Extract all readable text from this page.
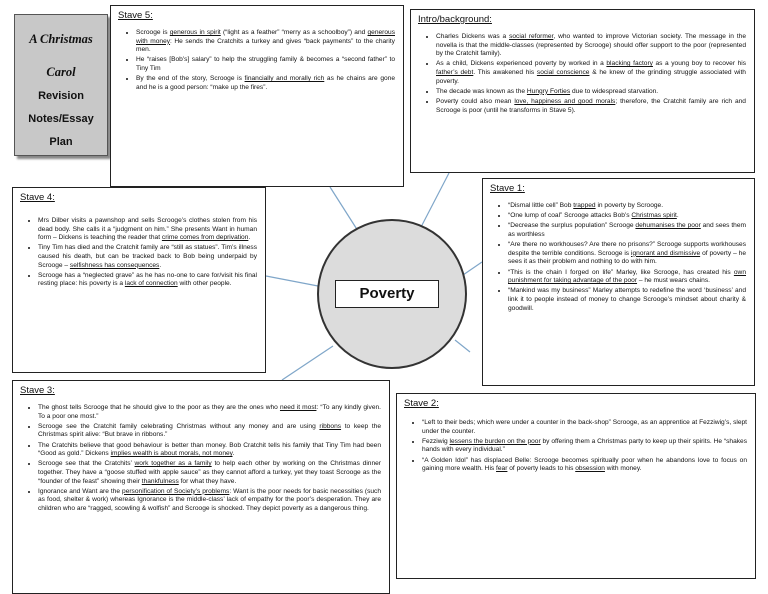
A Christmas
Carol
Revision
Notes/Essay
Plan
Stave 5:
• Scrooge is generous in spirit (“light as a feather” “merry as a schoolboy”) and generous with money: He sends the Cratchits a turkey and gives “back payments” to the charity men.
• He “raises [Bob’s] salary” to help the struggling family & becomes a “second father” to Tiny Tim
• By the end of the story, Scrooge is financially and morally rich as he chains are gone and he is a good person: “make up the fires”.
Intro/background:
• Charles Dickens was a social reformer, who wanted to improve Victorian society. The message in the novella is that the middle-classes (represented by Scrooge) should offer support to the poor (represented by the Cratchit family).
• As a child, Dickens experienced poverty by worked in a blacking factory as a young boy to recover his father’s debt. This awakened his social conscience & he knew of the grinding struggle associated with poverty.
• The decade was known as the Hungry Forties due to widespread starvation.
• Poverty could also mean love, happiness and good morals; therefore, the Cratchit family are rich and Scrooge is poor (until he transforms in Stave 5).
Stave 4:
• Mrs Dilber visits a pawnshop and sells Scrooge’s clothes stolen from his dead body. She calls it a “judgment on him.” She presents Want in human form – Dickens is teaching the reader that crime comes from deprivation.
• Tiny Tim has died and the Cratchit family are “still as statues”. Tim’s illness caused his death, but can be tracked back to Bob being underpaid by Scrooge – selfishness has consequences.
• Scrooge has a “neglected grave” as he has no-one to care for/visit his final resting place: his poverty is a lack of connection with other people.
Stave 1:
• “Dismal little cell” Bob trapped in poverty by Scrooge.
• “One lump of coal” Scrooge attacks Bob’s Christmas spirit.
• “Decrease the surplus population” Scrooge dehumanises the poor and sees them as worthless
• “Are there no workhouses? Are there no prisons?” Scrooge supports workhouses despite the terrible conditions. Scrooge is ignorant and dismissive of poverty – he sees it as their problem and nothing to do with him.
• “This is the chain I forged on life” Marley, like Scrooge, has created his own punishment for taking advantage of the poor – he must wears chains.
• “Mankind was my business” Marley attempts to redefine the word ‘business’ and link it to people instead of money to change Scrooge’s mindset about charity & goodwill.
Poverty
Stave 3:
• The ghost tells Scrooge that he should give to the poor as they are the ones who need it most: “To any kindly given. To a poor one most.”
• Scrooge see the Cratchit family celebrating Christmas without any money and are using ribbons to keep the Christmas spirit alive: “But brave in ribbons.”
• The Cratchits believe that good behaviour is better than money. Bob Cratchit tells his family that Tiny Tim had been “Good as gold.” Dickens implies wealth is about morals, not money.
• Scrooge see that the Cratchits’ work together as a family to help each other by working on the Christmas dinner together. They have a “goose stuffed with apple sauce” as they cannot afford a turkey, yet they toast Scrooge as the “founder of the feast” showing their thankfulness for what they have.
• Ignorance and Want are the personification of Society’s problems: Want is the poor needs for basic necessities (such as food, shelter & work) whereas Ignorance is the middle-class’ lack of empathy for the poor’s desperation. They are children who are “ragged, scowling & wolfish” and Scrooge is shocked. They depict poverty as a dangerous thing.
Stave 2:
• “Left to their beds; which were under a counter in the back-shop” Scrooge, as an apprentice at Fezziwig’s, slept under the counter.
• Fezziwig lessens the burden on the poor by offering them a Christmas party to keep up their spirits. He “shakes hands with every individual.”
• “A Golden Idol” has displaced Belle: Scrooge becomes spiritually poor when he abandons love to focus on gaining more wealth. His fear of poverty leads to his obsession with money.
